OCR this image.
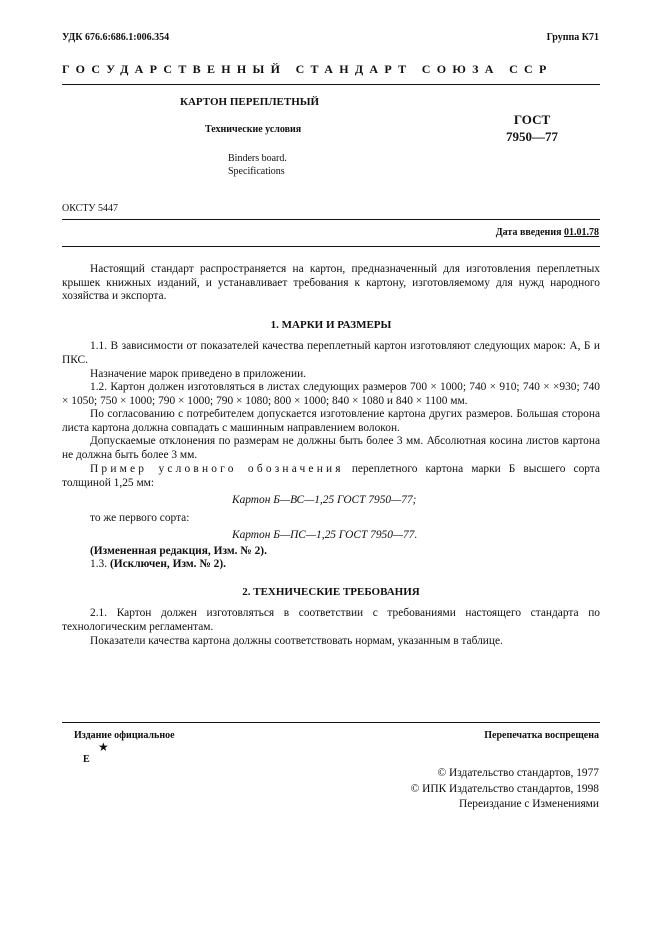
УДК 676.6:686.1:006.354	Группа К71
ГОСУДАРСТВЕННЫЙ СТАНДАРТ СОЮЗА ССР
КАРТОН ПЕРЕПЛЕТНЫЙ
Технические условия
Binders board.
Specifications
ГОСТ
7950—77
ОКСТУ 5447
Дата введения 01.01.78
Настоящий стандарт распространяется на картон, предназначенный для изготовления переплетных крышек книжных изданий, и устанавливает требования к картону, изготовляемому для нужд народного хозяйства и экспорта.
1. МАРКИ И РАЗМЕРЫ
1.1. В зависимости от показателей качества переплетный картон изготовляют следующих марок: А, Б и ПКС.
Назначение марок приведено в приложении.
1.2. Картон должен изготовляться в листах следующих размеров 700 × 1000; 740 × 910; 740 × ×930; 740 × 1050; 750 × 1000; 790 × 1000; 790 × 1080; 800 × 1000; 840 × 1080 и 840 × 1100 мм.
По согласованию с потребителем допускается изготовление картона других размеров. Большая сторона листа картона должна совпадать с машинным направлением волокон.
Допускаемые отклонения по размерам не должны быть более 3 мм. Абсолютная косина листов картона не должна быть более 3 мм.
Пример условного обозначения переплетного картона марки Б высшего сорта толщиной 1,25 мм:
Картон Б—ВС—1,25 ГОСТ 7950—77;
то же первого сорта:
Картон Б—ПС—1,25 ГОСТ 7950—77.
(Измененная редакция, Изм. № 2).
1.3. (Исключен, Изм. № 2).
2. ТЕХНИЧЕСКИЕ ТРЕБОВАНИЯ
2.1. Картон должен изготовляться в соответствии с требованиями настоящего стандарта по технологическим регламентам.
Показатели качества картона должны соответствовать нормам, указанным в таблице.
Издание официальное
★
E
Перепечатка воспрещена
© Издательство стандартов, 1977
© ИПК Издательство стандартов, 1998
Переиздание с Изменениями
